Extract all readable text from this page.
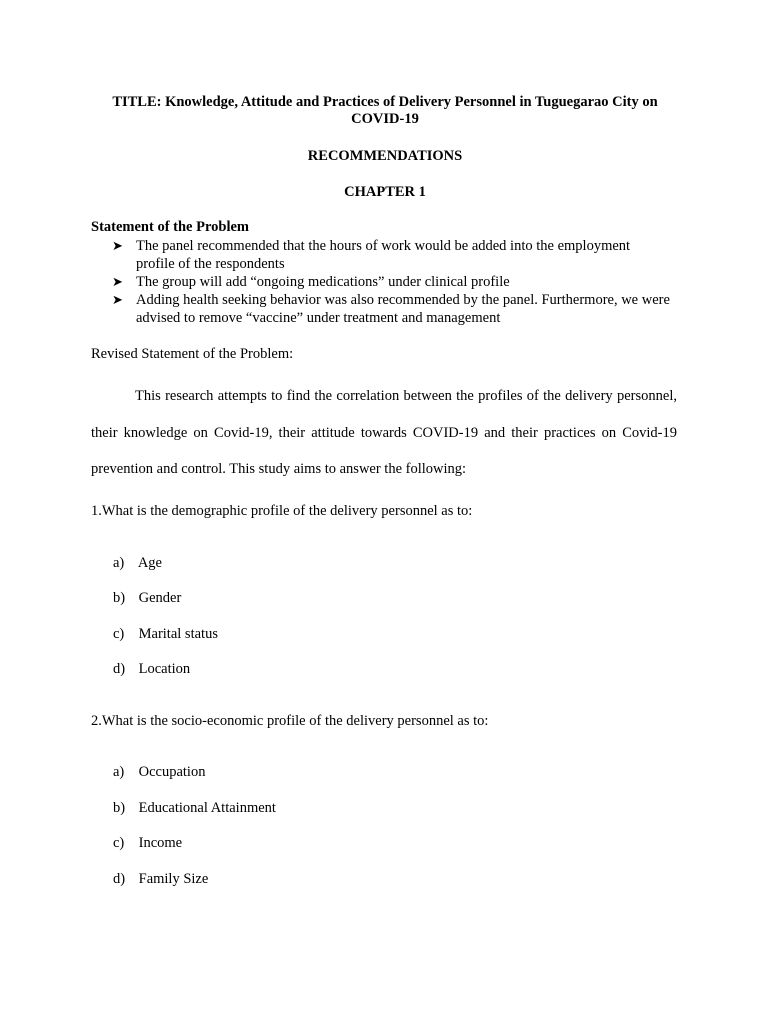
TITLE: Knowledge, Attitude and Practices of Delivery Personnel in Tuguegarao City on COVID-19
RECOMMENDATIONS
CHAPTER 1
Statement of the Problem
➤ The panel recommended that the hours of work would be added into the employment profile of the respondents
➤ The group will add “ongoing medications” under clinical profile
➤ Adding health seeking behavior was also recommended by the panel. Furthermore, we were advised to remove “vaccine” under treatment and management
Revised Statement of the Problem:
This research attempts to find the correlation between the profiles of the delivery personnel, their knowledge on Covid-19, their attitude towards COVID-19 and their practices on Covid-19 prevention and control. This study aims to answer the following:
1.What is the demographic profile of the delivery personnel as to:
a) Age
b) Gender
c) Marital status
d) Location
2.What is the socio-economic profile of the delivery personnel as to:
a) Occupation
b) Educational Attainment
c) Income
d) Family Size
